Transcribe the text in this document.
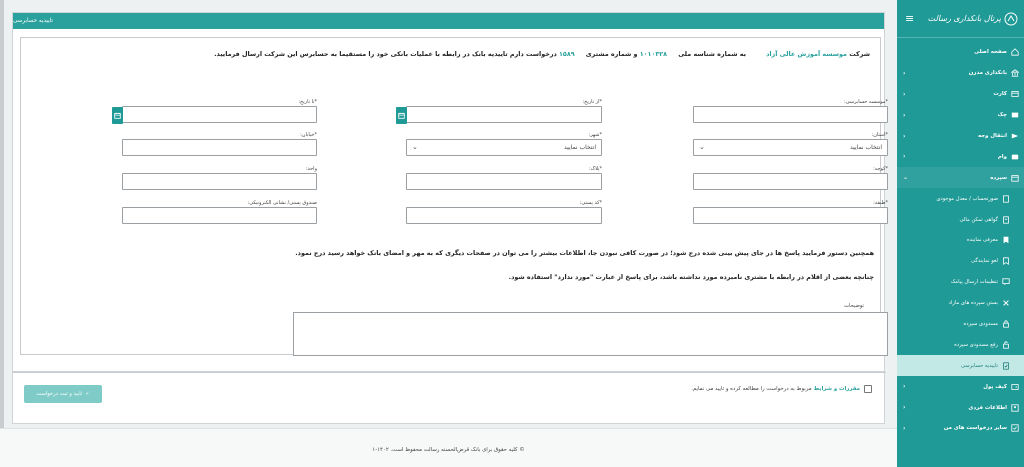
تاییدیه حسابرسی
شرکت موسسه آموزش عالی آزاد         به شماره شناسه ملی     ۱۰۱۰۳۲۸ و شماره مشتری     ۱۵۸۹ درخواست دارم تاییدیه بانک در رابطه با عملیات بانکی خود را مستقیما به حسابرس این شرکت ارسال فرمایید.
*موسسه حسابرسی:
*از تاریخ:
*تا تاریخ:
*استان:
انتخاب نمایید
⌄
*شهر:
انتخاب نمایید
⌄
*خیابان:
*کوچه:
*پلاک:
واحد:
*طبقه:
*کد پستی:
صندوق پستی/ نشانی الکترونیکی:
همچنین دستور فرمایید پاسخ ها در جای پیش بینی شده درج شود؛ در صورت کافی نبودن جا، اطلاعات بیشتر را می توان در صفحات دیگری که به مهر و امضای بانک خواهد رسید درج نمود.
چنانچه بعضی از اقلام در رابطه با مشتری نامبرده مورد نداشته باشد، برای پاسخ از عبارت "مورد ندارد" استفاده شود.
توضیحات
مقررات و شرایط
مربوط به درخواست را مطالعه کرده و تایید می نمایم.
✓
تایید و ثبت درخواست
© کلیه حقوق برای بانک قرض‌الحسنه رسالت محفوظ است. ۱۴۰۲-۱
پرتال بانکداری رسالت
≡
صفحه اصلی
بانکداری مدرن
‹
کارت
‹
چک
‹
انتقال وجه
‹
وام
‹
سپرده
⌄
صورتحساب / معدل موجودی
گواهی تمکن مالی
معرفی نماینده
لغو نمایندگی
تنظیمات ارسال پیامک
بستن سپرده های مازاد
مسدودی سپرده
رفع مسدودی سپرده
تاییدیه حسابرسی
کیف پول
‹
اطلاعات فردی
‹
سایر درخواست های من
‹
